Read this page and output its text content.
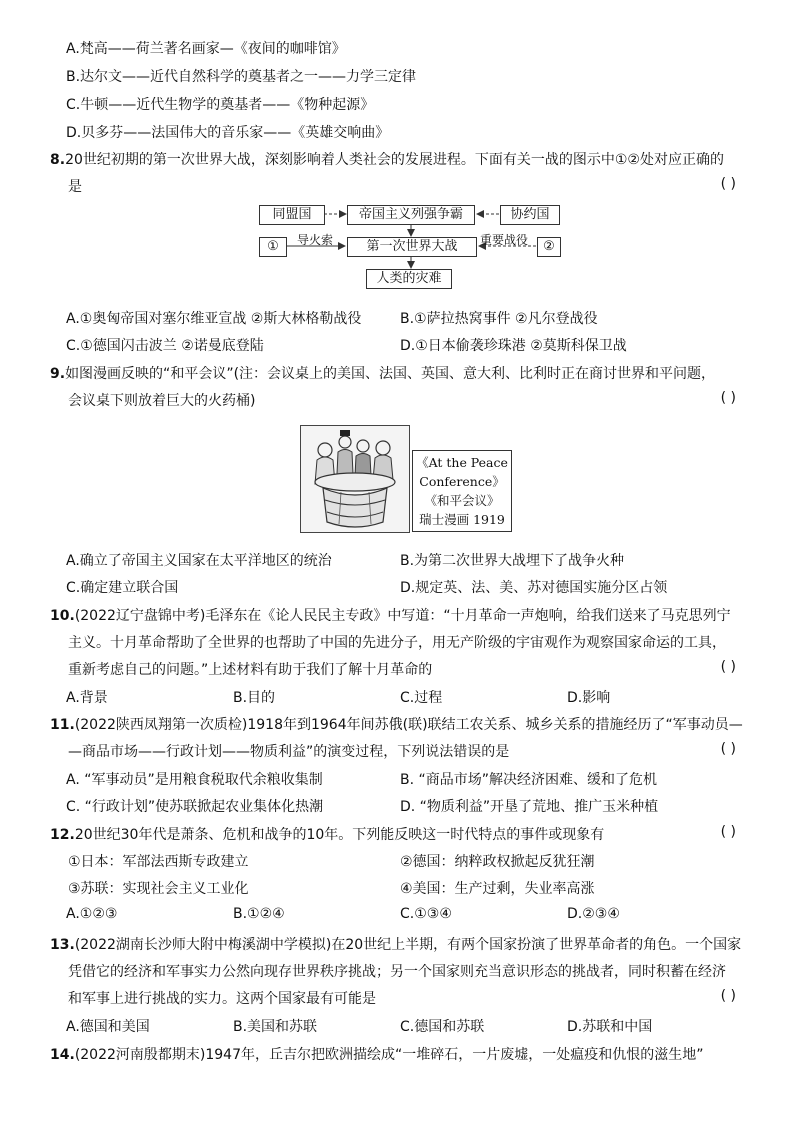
A.梵高——荷兰著名画家—《夜间的咖啡馆》
B.达尔文——近代自然科学的奠基者之一——力学三定律
C.牛顿——近代生物学的奠基者——《物种起源》
D.贝多芬——法国伟大的音乐家——《英雄交响曲》
8.20世纪初期的第一次世界大战，深刻影响着人类社会的发展进程。下面有关一战的图示中①②处对应正确的
是	( )
同盟国	帝国主义列强争霸	协约国
①	导火索	第一次世界大战	重要战役	②
人类的灾难
A.①奥匈帝国对塞尔维亚宣战 ②斯大林格勒战役	B.①萨拉热窝事件 ②凡尔登战役
C.①德国闪击波兰 ②诺曼底登陆	D.①日本偷袭珍珠港 ②莫斯科保卫战
9.如图漫画反映的“和平会议”(注：会议桌上的美国、法国、英国、意大利、比利时正在商讨世界和平问题，
会议桌下则放着巨大的火药桶)	( )
《At the Peace
Conference》
《和平会议》
瑞士漫画 1919
A.确立了帝国主义国家在太平洋地区的统治	B.为第二次世界大战埋下了战争火种
C.确定建立联合国	D.规定英、法、美、苏对德国实施分区占领
10.(2022辽宁盘锦中考)毛泽东在《论人民民主专政》中写道：“十月革命一声炮响，给我们送来了马克思列宁
主义。十月革命帮助了全世界的也帮助了中国的先进分子，用无产阶级的宇宙观作为观察国家命运的工具，
重新考虑自己的问题。”上述材料有助于我们了解十月革命的	( )
A.背景	B.目的	C.过程	D.影响
11.(2022陕西凤翔第一次质检)1918年到1964年间苏俄(联)联结工农关系、城乡关系的措施经历了“军事动员—
—商品市场——行政计划——物质利益”的演变过程，下列说法错误的是	( )
A. “军事动员”是用粮食税取代余粮收集制	B. “商品市场”解决经济困难、缓和了危机
C. “行政计划”使苏联掀起农业集体化热潮	D. “物质利益”开垦了荒地、推广玉米种植
12.20世纪30年代是萧条、危机和战争的10年。下列能反映这一时代特点的事件或现象有	( )
①日本：军部法西斯专政建立	②德国：纳粹政权掀起反犹狂潮
③苏联：实现社会主义工业化	④美国：生产过剩，失业率高涨
A.①②③	B.①②④	C.①③④	D.②③④
13.(2022湖南长沙师大附中梅溪湖中学模拟)在20世纪上半期，有两个国家扮演了世界革命者的角色。一个国家
凭借它的经济和军事实力公然向现存世界秩序挑战；另一个国家则充当意识形态的挑战者，同时积蓄在经济
和军事上进行挑战的实力。这两个国家最有可能是	( )
A.德国和美国	B.美国和苏联	C.德国和苏联	D.苏联和中国
14.(2022河南殷都期末)1947年，丘吉尔把欧洲描绘成“一堆碎石，一片废墟，一处瘟疫和仇恨的滋生地”
